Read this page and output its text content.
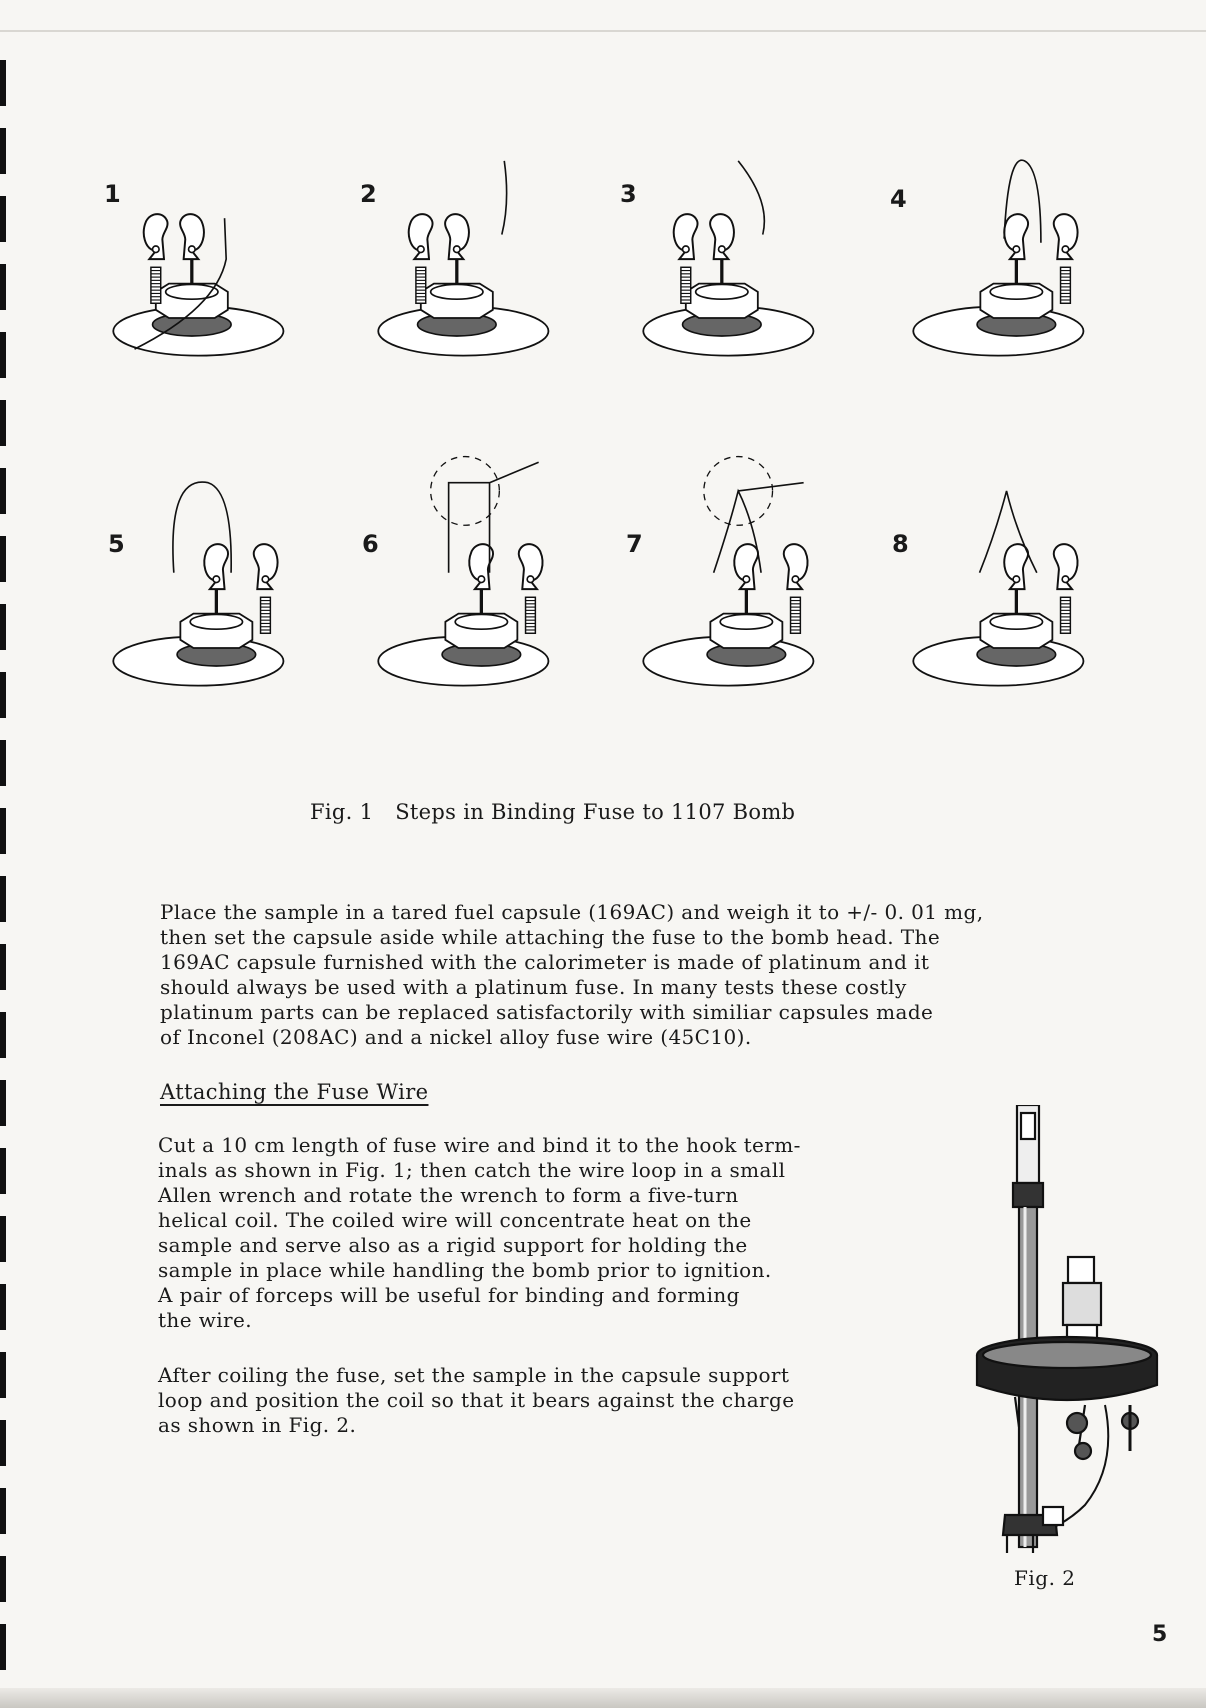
1	2	3	4
5	6	7	8
Fig. 1 Steps in Binding Fuse to 1107 Bomb
Place the sample in a tared fuel capsule (169AC) and weigh it to +/- 0. 01 mg,
then set the capsule aside while attaching the fuse to the bomb head. The
169AC capsule furnished with the calorimeter is made of platinum and it
should always be used with a platinum fuse. In many tests these costly
platinum parts can be replaced satisfactorily with similiar capsules made
of Inconel (208AC) and a nickel alloy fuse wire (45C10).
Attaching the Fuse Wire
Cut a 10 cm length of fuse wire and bind it to the hook term-
inals as shown in Fig. 1; then catch the wire loop in a small
Allen wrench and rotate the wrench to form a five-turn
helical coil. The coiled wire will concentrate heat on the
sample and serve also as a rigid support for holding the
sample in place while handling the bomb prior to ignition.
A pair of forceps will be useful for binding and forming
the wire.
After coiling the fuse, set the sample in the capsule support
loop and position the coil so that it bears against the charge
as shown in Fig. 2.
Fig. 2
5
